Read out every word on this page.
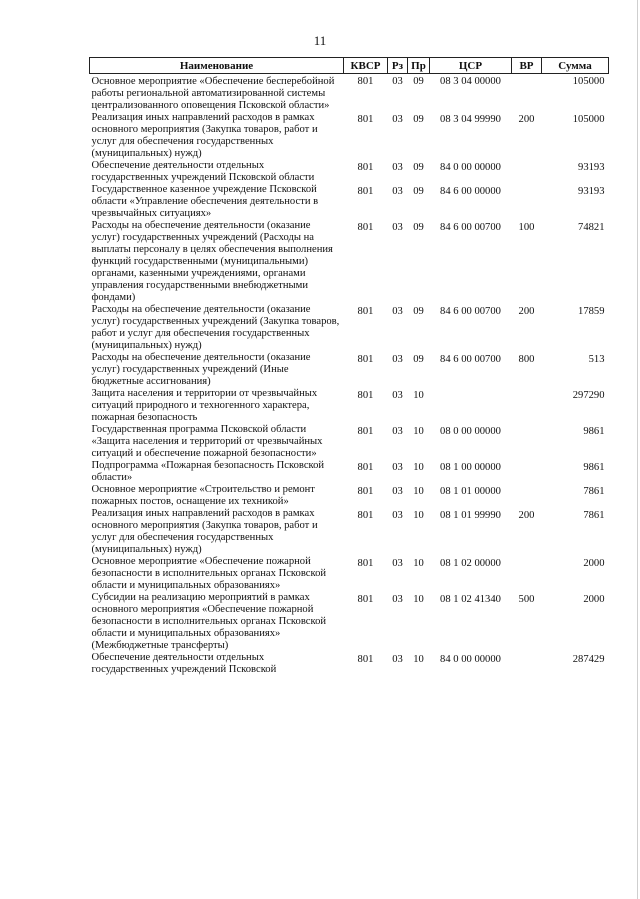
11
Наименование	КВСР	Рз	Пр	ЦСР	ВР	Сумма
Основное мероприятие «Обеспечение бесперебойной работы региональной автоматизированной системы централизованного оповещения Псковской области»	801	03	09	08 3 04 00000		105000
Реализация иных направлений расходов в рамках основного мероприятия (Закупка товаров, работ и услуг для обеспечения государственных (муниципальных) нужд)	801	03	09	08 3 04 99990	200	105000
Обеспечение деятельности отдельных государственных учреждений Псковской области	801	03	09	84 0 00 00000		93193
Государственное казенное учреждение Псковской области «Управление обеспечения деятельности в чрезвычайных ситуациях»	801	03	09	84 6 00 00000		93193
Расходы на обеспечение деятельности (оказание услуг) государственных учреждений (Расходы на выплаты персоналу в целях обеспечения выполнения функций государственными (муниципальными) органами, казенными учреждениями, органами управления государственными внебюджетными фондами)	801	03	09	84 6 00 00700	100	74821
Расходы на обеспечение деятельности (оказание услуг) государственных учреждений (Закупка товаров, работ и услуг для обеспечения государственных (муниципальных) нужд)	801	03	09	84 6 00 00700	200	17859
Расходы на обеспечение деятельности (оказание услуг) государственных учреждений (Иные бюджетные ассигнования)	801	03	09	84 6 00 00700	800	513
Защита населения и территории от чрезвычайных ситуаций природного и техногенного характера, пожарная безопасность	801	03	10			297290
Государственная программа Псковской области «Защита населения и территорий от чрезвычайных ситуаций и обеспечение пожарной безопасности»	801	03	10	08 0 00 00000		9861
Подпрограмма «Пожарная безопасность Псковской области»	801	03	10	08 1 00 00000		9861
Основное мероприятие «Строительство и ремонт пожарных постов, оснащение их техникой»	801	03	10	08 1 01 00000		7861
Реализация иных направлений расходов в рамках основного мероприятия (Закупка товаров, работ и услуг для обеспечения государственных (муниципальных) нужд)	801	03	10	08 1 01 99990	200	7861
Основное мероприятие «Обеспечение пожарной безопасности в исполнительных органах Псковской области и муниципальных образованиях»	801	03	10	08 1 02 00000		2000
Субсидии на реализацию мероприятий в рамках основного мероприятия «Обеспечение пожарной безопасности в исполнительных органах Псковской области и муниципальных образованиях» (Межбюджетные трансферты)	801	03	10	08 1 02 41340	500	2000
Обеспечение деятельности отдельных государственных учреждений Псковской	801	03	10	84 0 00 00000		287429
